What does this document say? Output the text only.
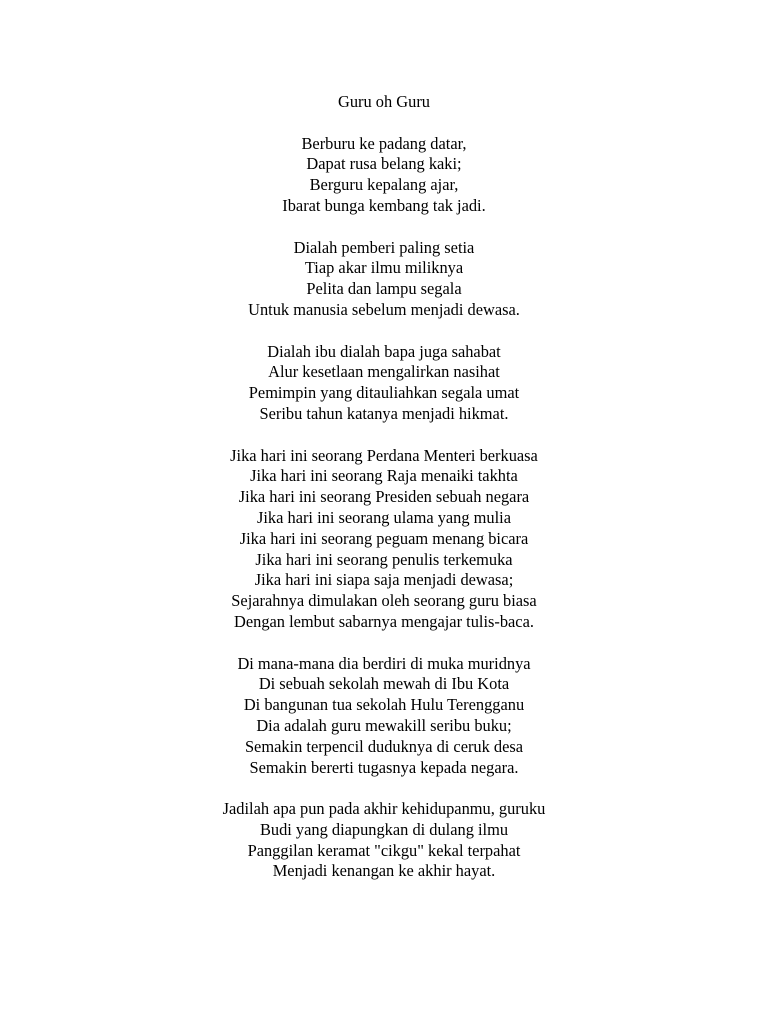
Guru oh Guru
Berburu ke padang datar,
Dapat rusa belang kaki;
Berguru kepalang ajar,
Ibarat bunga kembang tak jadi.
Dialah pemberi paling setia
Tiap akar ilmu miliknya
Pelita dan lampu segala
Untuk manusia sebelum menjadi dewasa.
Dialah ibu dialah bapa juga sahabat
Alur kesetlaan mengalirkan nasihat
Pemimpin yang ditauliahkan segala umat
Seribu tahun katanya menjadi hikmat.
Jika hari ini seorang Perdana Menteri berkuasa
Jika hari ini seorang Raja menaiki takhta
Jika hari ini seorang Presiden sebuah negara
Jika hari ini seorang ulama yang mulia
Jika hari ini seorang peguam menang bicara
Jika hari ini seorang penulis terkemuka
Jika hari ini siapa saja menjadi dewasa;
Sejarahnya dimulakan oleh seorang guru biasa
Dengan lembut sabarnya mengajar tulis-baca.
Di mana-mana dia berdiri di muka muridnya
Di sebuah sekolah mewah di Ibu Kota
Di bangunan tua sekolah Hulu Terengganu
Dia adalah guru mewakill seribu buku;
Semakin terpencil duduknya di ceruk desa
Semakin bererti tugasnya kepada negara.
Jadilah apa pun pada akhir kehidupanmu, guruku
Budi yang diapungkan di dulang ilmu
Panggilan keramat "cikgu" kekal terpahat
Menjadi kenangan ke akhir hayat.
